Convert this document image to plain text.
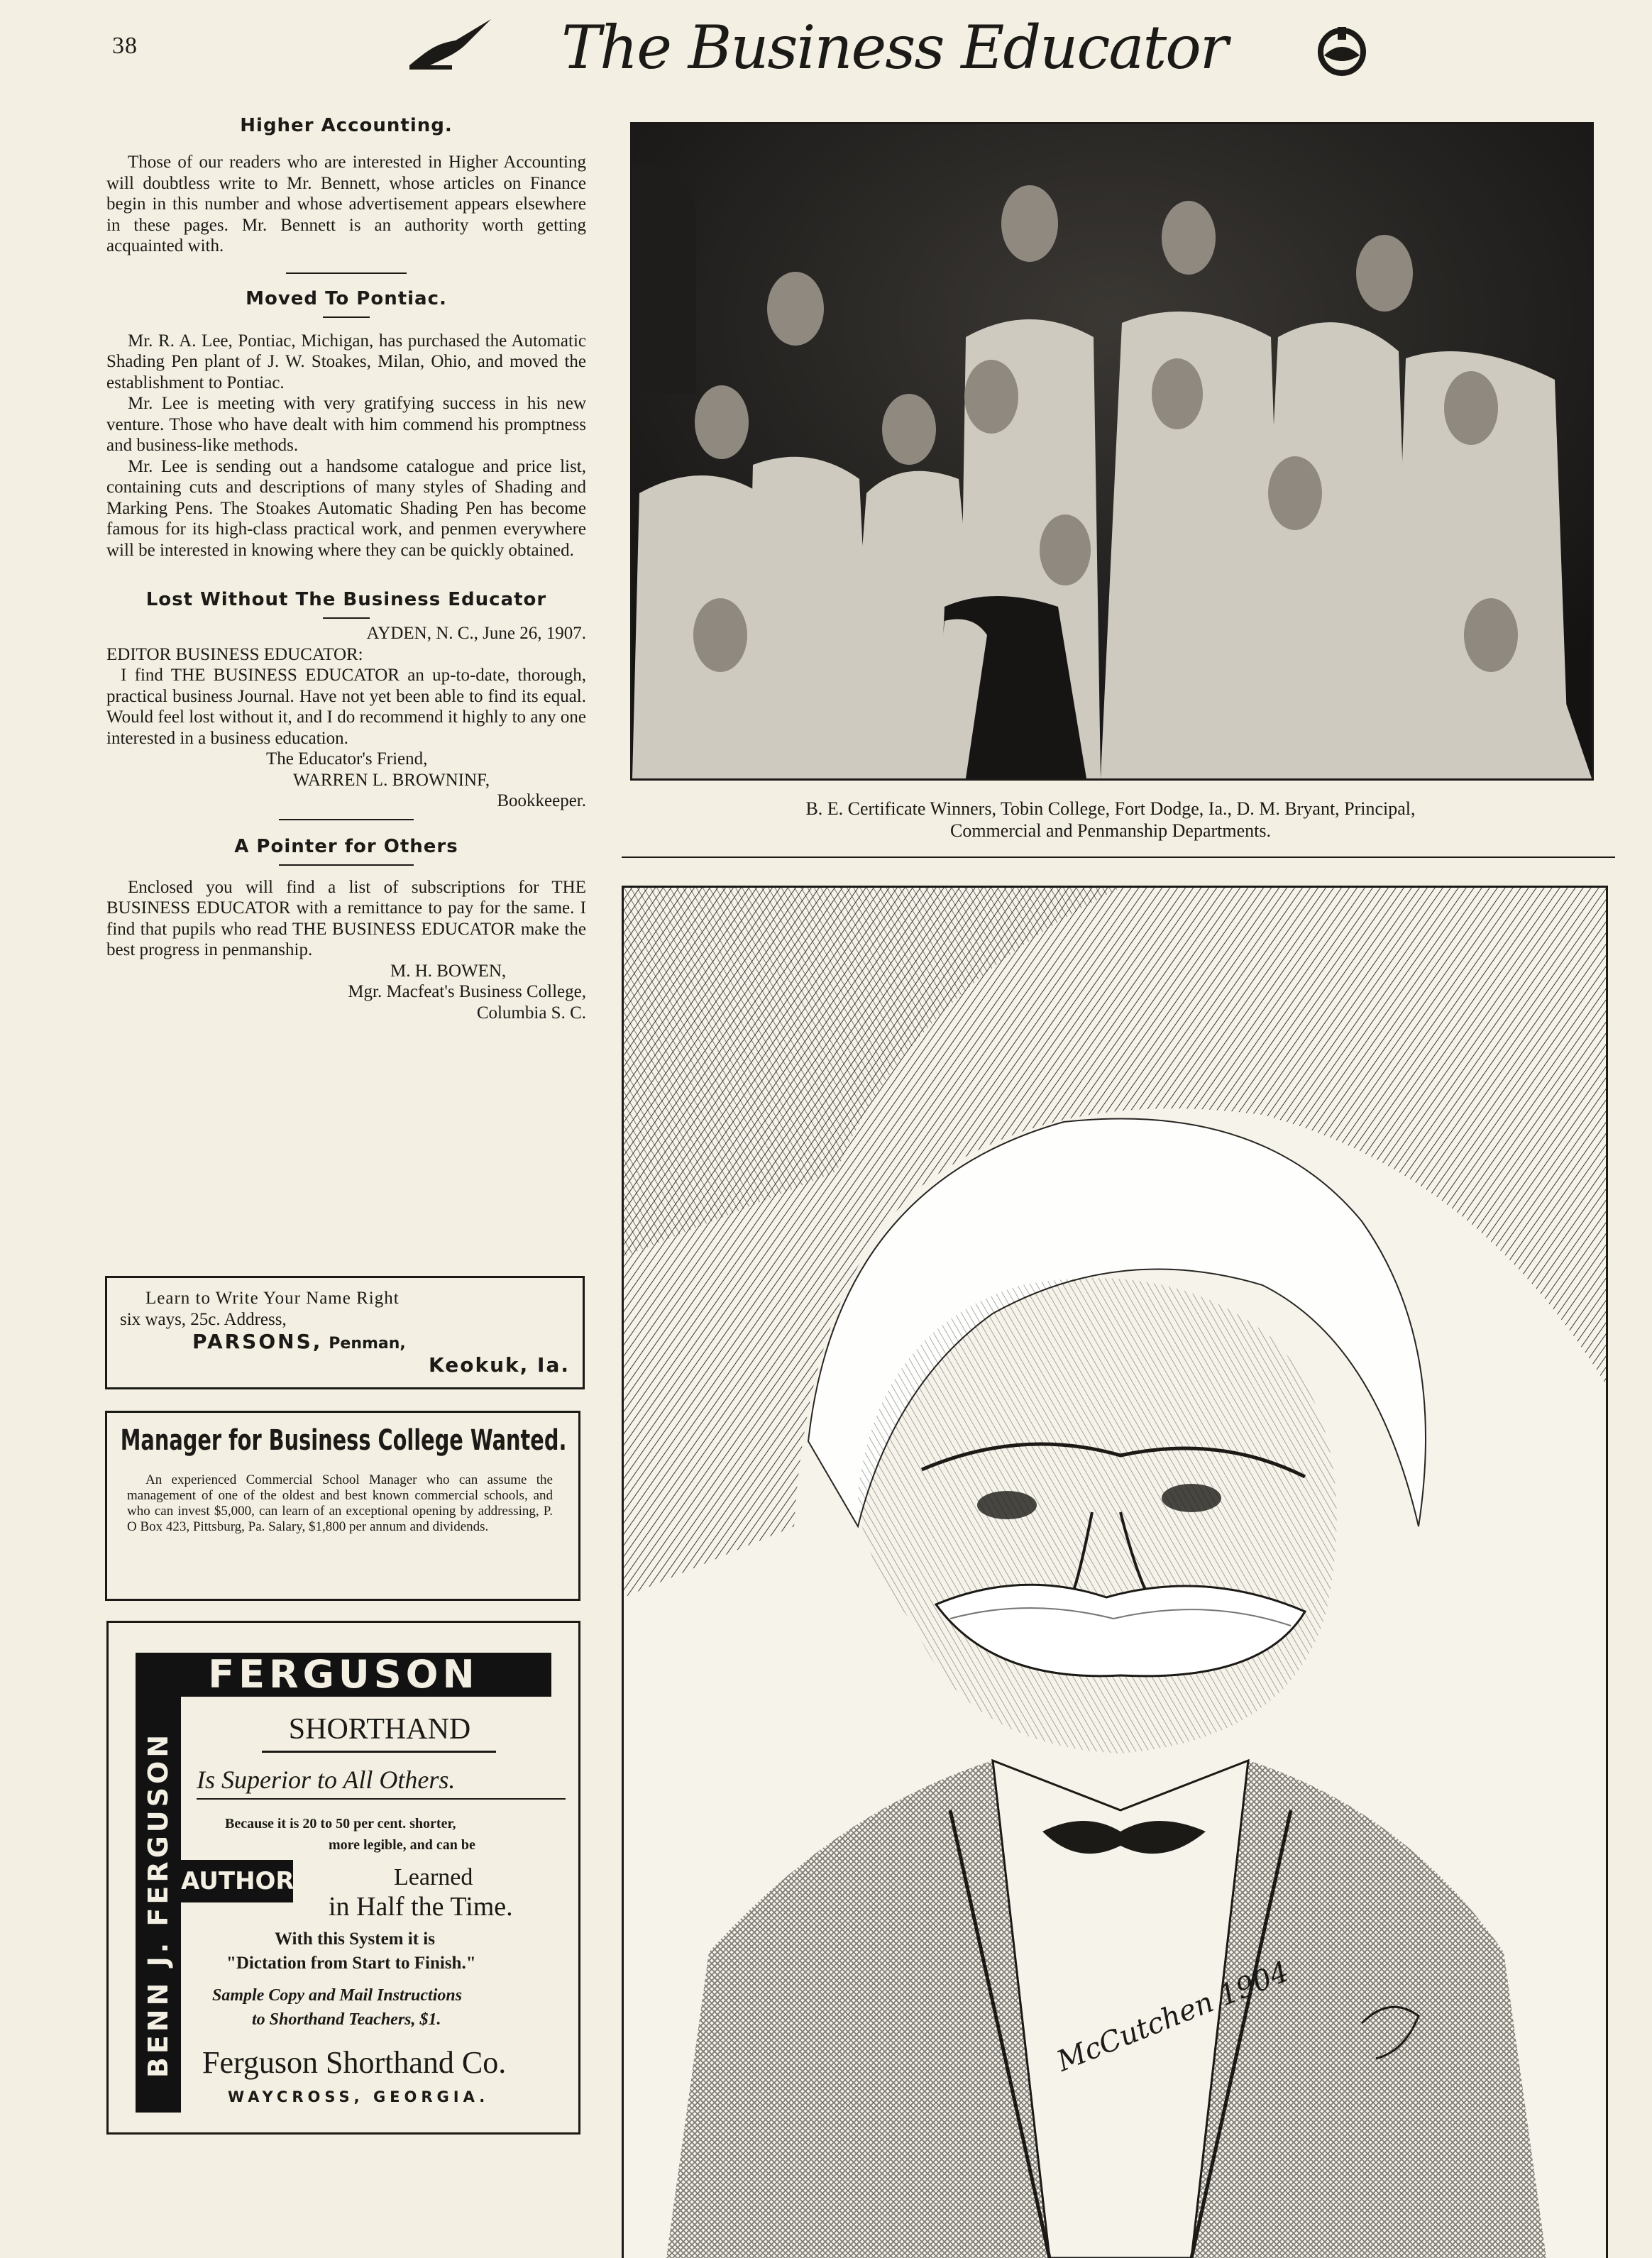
38	The Business Educator
Higher Accounting.

Those of our readers who are interested in Higher Accounting will doubtless write to Mr. Bennett, whose articles on Finance begin in this number and whose advertisement appears elsewhere in these pages. Mr. Bennett is an authority worth getting acquainted with.

Moved To Pontiac.

Mr. R. A. Lee, Pontiac, Michigan, has purchased the Automatic Shading Pen plant of J. W. Stoakes, Milan, Ohio, and moved the establishment to Pontiac.

Mr. Lee is meeting with very gratifying success in his new venture. Those who have dealt with him commend his promptness and business-like methods.

Mr. Lee is sending out a handsome catalogue and price list, containing cuts and descriptions of many styles of Shading and Marking Pens. The Stoakes Automatic Shading Pen has become famous for its high-class practical work, and penmen everywhere will be interested in knowing where they can be quickly obtained.

Lost Without The Business Educator
AYDEN, N. C., June 26, 1907.
EDITOR BUSINESS EDUCATOR:

I find THE BUSINESS EDUCATOR an up-to-date, thorough, practical business Journal. Have not yet been able to find its equal. Would feel lost without it, and I do recommend it highly to any one interested in a business education.

The Educator's Friend,
WARREN L. BROWNINF,
Bookkeeper.
A Pointer for Others

Enclosed you will find a list of subscriptions for THE BUSINESS EDUCATOR with a remittance to pay for the same. I find that pupils who read THE BUSINESS EDUCATOR make the best progress in penmanship.

M. H. BOWEN,
Mgr. Macfeat's Business College,
Columbia S. C.
Learn to Write Your Name Right
six ways, 25c. Address,
PARSONS, Penman,
Keokuk, Ia.
Manager for Business College Wanted.
An experienced Commercial School Manager who can assume the management of one of the oldest and best known commercial schools, and who can invest $5,000, can learn of an exceptional opening by addressing, P. O Box 423, Pittsburg, Pa. Salary, $1,800 per annum and dividends.
FERGUSON
BENN J. FERGUSON AUTHOR
SHORTHAND
Is Superior to All Others.
Because it is 20 to 50 per cent. shorter,
more legible, and can be
Learned
in Half the Time.
With this System it is
"Dictation from Start to Finish."
Sample Copy and Mail Instructions
to Shorthand Teachers, $1.
Ferguson Shorthand Co.
WAYCROSS, GEORGIA.
B. E. Certificate Winners, Tobin College, Fort Dodge, Ia., D. M. Bryant, Principal,
Commercial and Penmanship Departments.
McCutchen 1904
